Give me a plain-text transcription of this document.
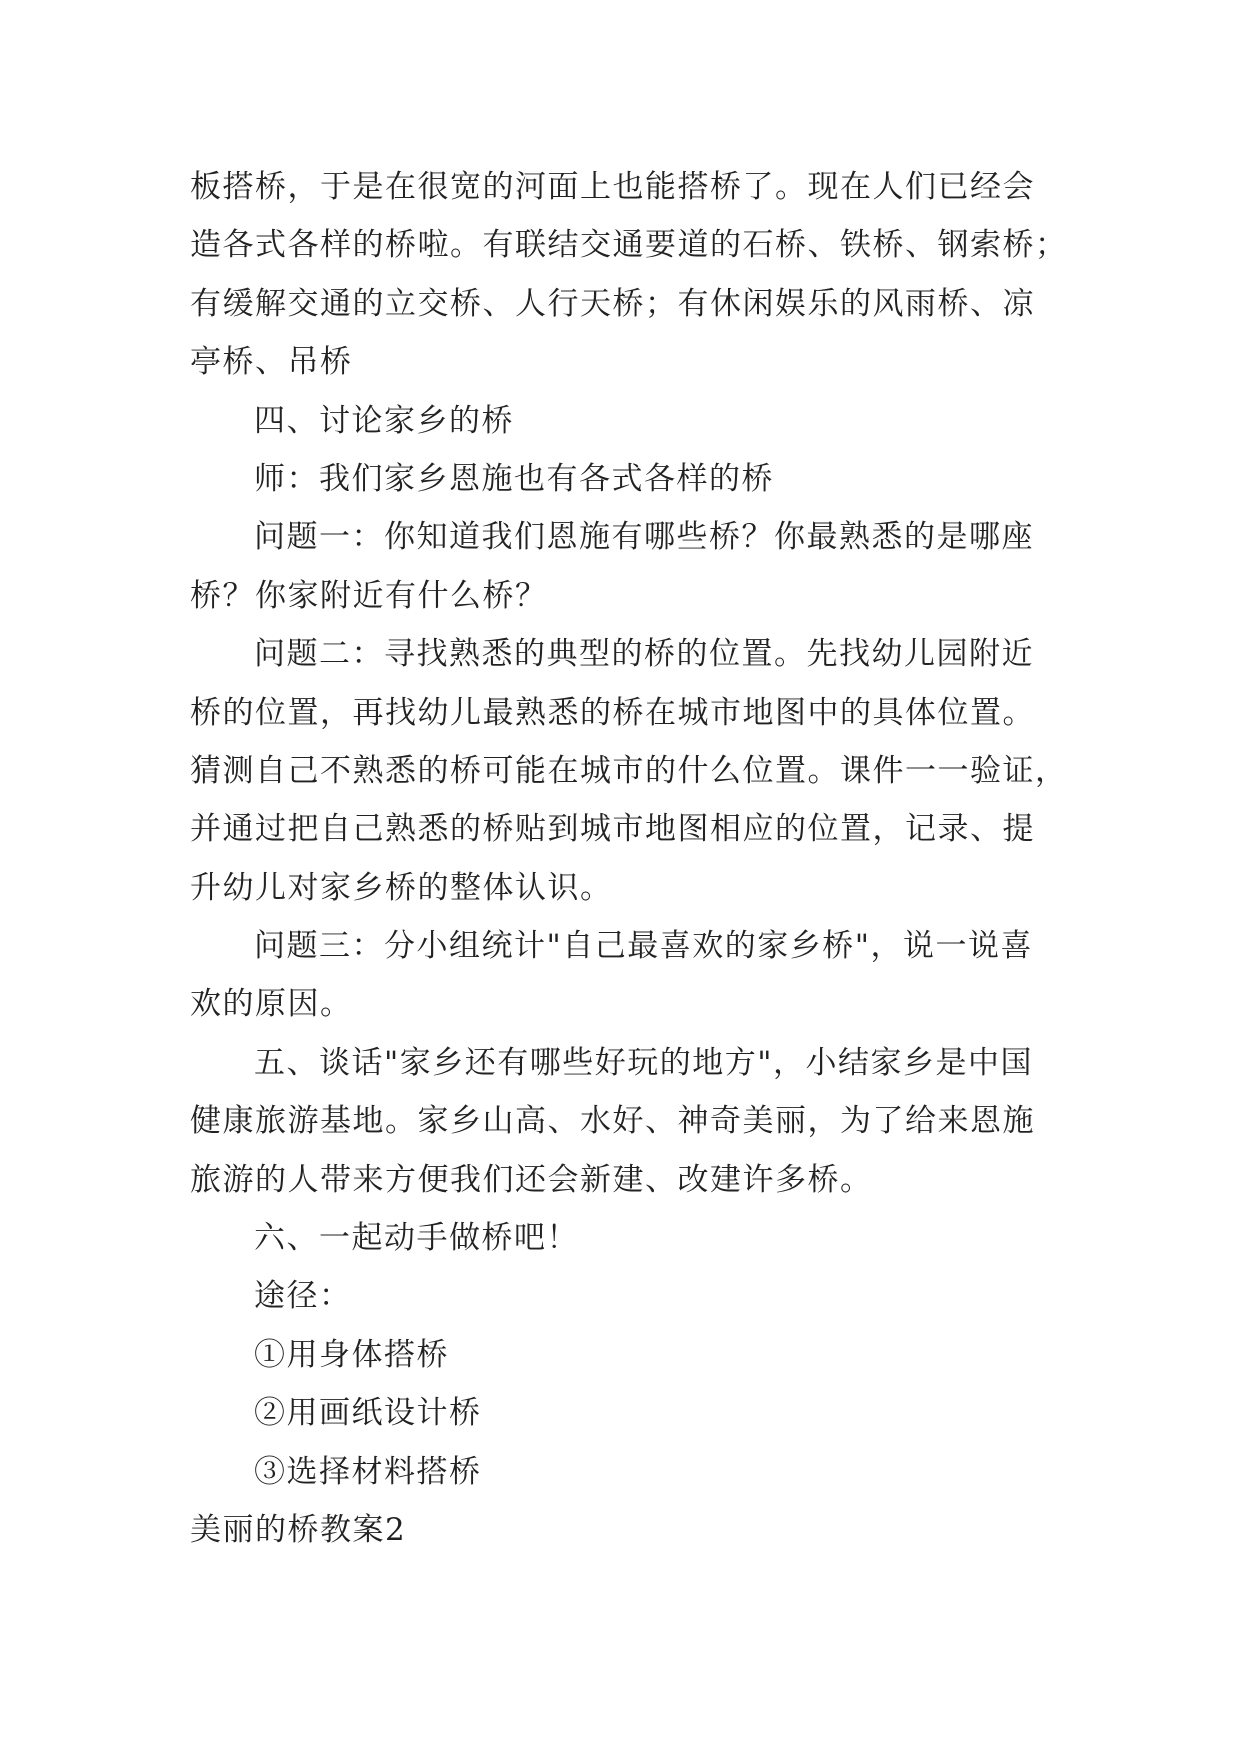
板搭桥，于是在很宽的河面上也能搭桥了。现在人们已经会
造各式各样的桥啦。有联结交通要道的石桥、铁桥、钢索桥；
有缓解交通的立交桥、人行天桥；有休闲娱乐的风雨桥、凉
亭桥、吊桥
四、讨论家乡的桥
师：我们家乡恩施也有各式各样的桥
问题一：你知道我们恩施有哪些桥？你最熟悉的是哪座
桥？你家附近有什么桥？
问题二：寻找熟悉的典型的桥的位置。先找幼儿园附近
桥的位置，再找幼儿最熟悉的桥在城市地图中的具体位置。
猜测自己不熟悉的桥可能在城市的什么位置。课件一一验证，
并通过把自己熟悉的桥贴到城市地图相应的位置，记录、提
升幼儿对家乡桥的整体认识。
问题三：分小组统计"自己最喜欢的家乡桥"，说一说喜
欢的原因。
五、谈话"家乡还有哪些好玩的地方"，小结家乡是中国
健康旅游基地。家乡山高、水好、神奇美丽，为了给来恩施
旅游的人带来方便我们还会新建、改建许多桥。
六、一起动手做桥吧！
途径：
①用身体搭桥
②用画纸设计桥
③选择材料搭桥
美丽的桥教案2
